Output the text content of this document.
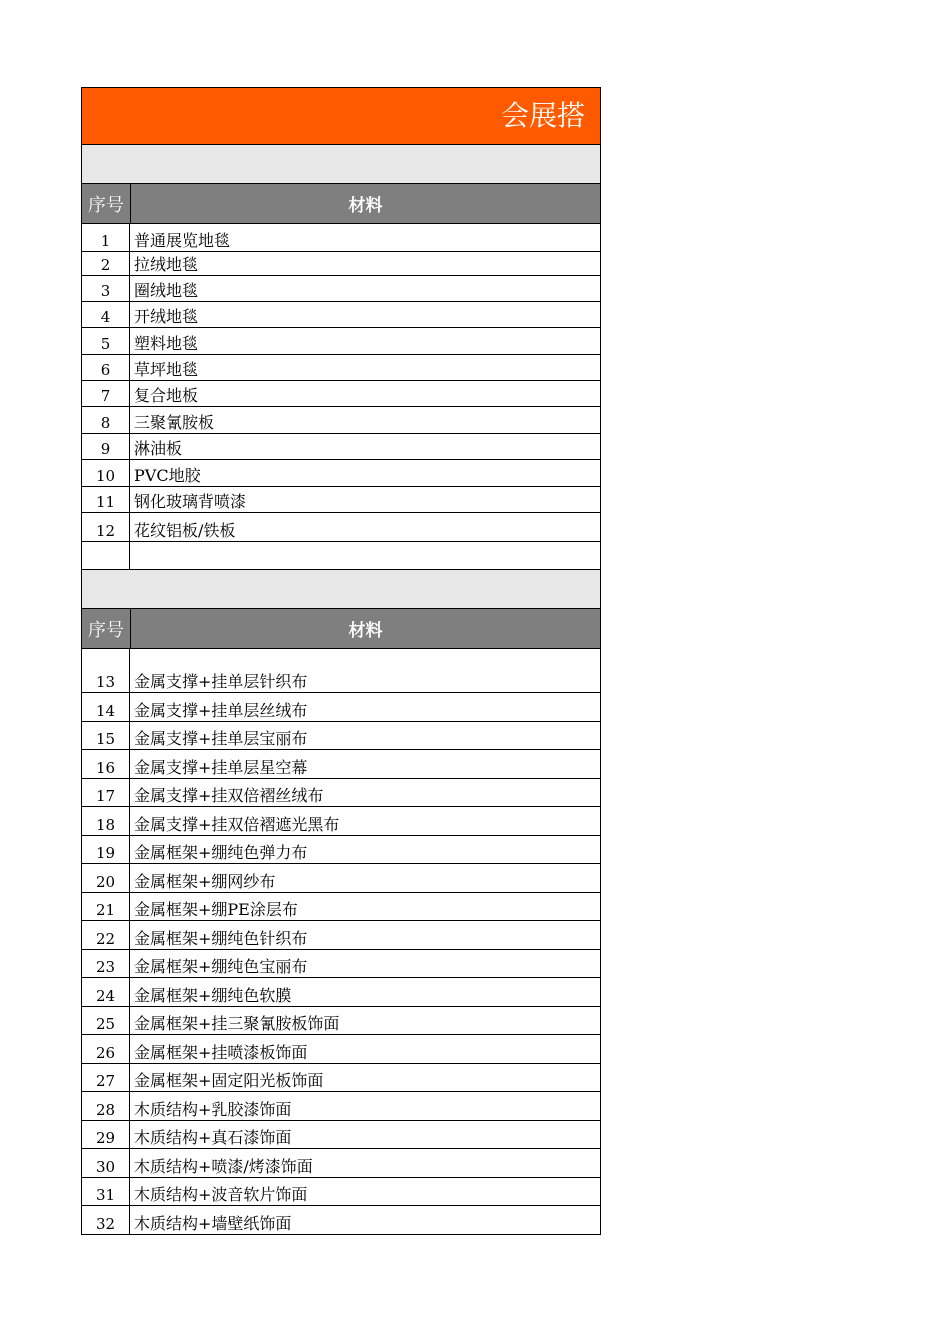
会展搭
序号	材料
1	普通展览地毯
2	拉绒地毯
3	圈绒地毯
4	开绒地毯
5	塑料地毯
6	草坪地毯
7	复合地板
8	三聚氰胺板
9	淋油板
10	PVC地胶
11	钢化玻璃背喷漆
12	花纹铝板/铁板
序号	材料
13	金属支撑+挂单层针织布
14	金属支撑+挂单层丝绒布
15	金属支撑+挂单层宝丽布
16	金属支撑+挂单层星空幕
17	金属支撑+挂双倍褶丝绒布
18	金属支撑+挂双倍褶遮光黑布
19	金属框架+绷纯色弹力布
20	金属框架+绷网纱布
21	金属框架+绷PE涂层布
22	金属框架+绷纯色针织布
23	金属框架+绷纯色宝丽布
24	金属框架+绷纯色软膜
25	金属框架+挂三聚氰胺板饰面
26	金属框架+挂喷漆板饰面
27	金属框架+固定阳光板饰面
28	木质结构+乳胶漆饰面
29	木质结构+真石漆饰面
30	木质结构+喷漆/烤漆饰面
31	木质结构+波音软片饰面
32	木质结构+墙壁纸饰面
